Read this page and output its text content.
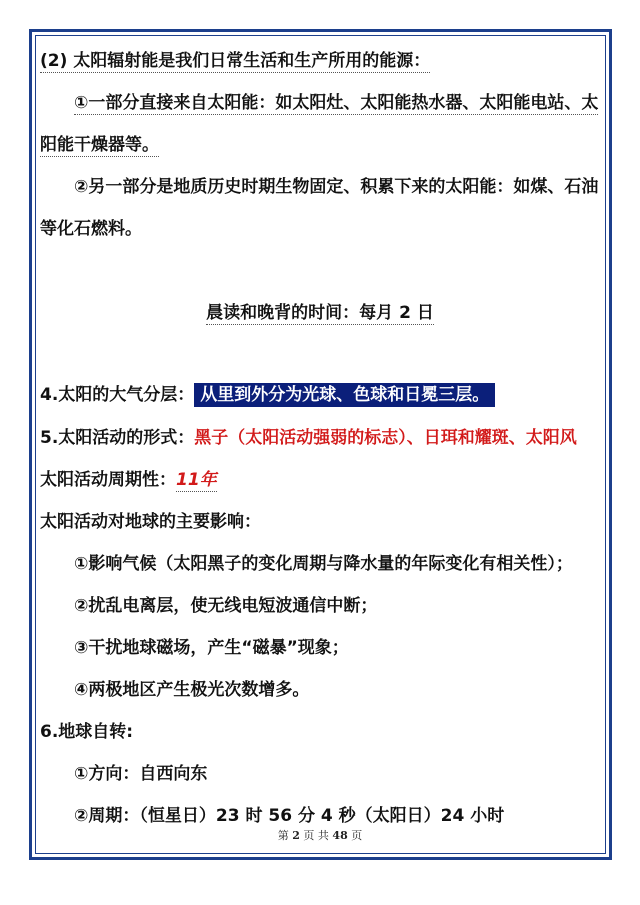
(2) 太阳辐射能是我们日常生活和生产所用的能源：
①一部分直接来自太阳能：如太阳灶、太阳能热水器、太阳能电站、太
阳能干燥器等。
②另一部分是地质历史时期生物固定、积累下来的太阳能：如煤、石油
等化石燃料。
晨读和晚背的时间：每月 2 日
4.太阳的大气分层： 从里到外分为光球、色球和日冕三层。
5.太阳活动的形式：黑子（太阳活动强弱的标志）、日珥和耀斑、太阳风
太阳活动周期性：11年
太阳活动对地球的主要影响：
①影响气候（太阳黑子的变化周期与降水量的年际变化有相关性）；
②扰乱电离层，使无线电短波通信中断；
③干扰地球磁场，产生“磁暴”现象；
④两极地区产生极光次数增多。
6.地球自转:
①方向：自西向东
②周期：（恒星日）23 时 56 分 4 秒（太阳日）24 小时
第 2 页 共 48 页
